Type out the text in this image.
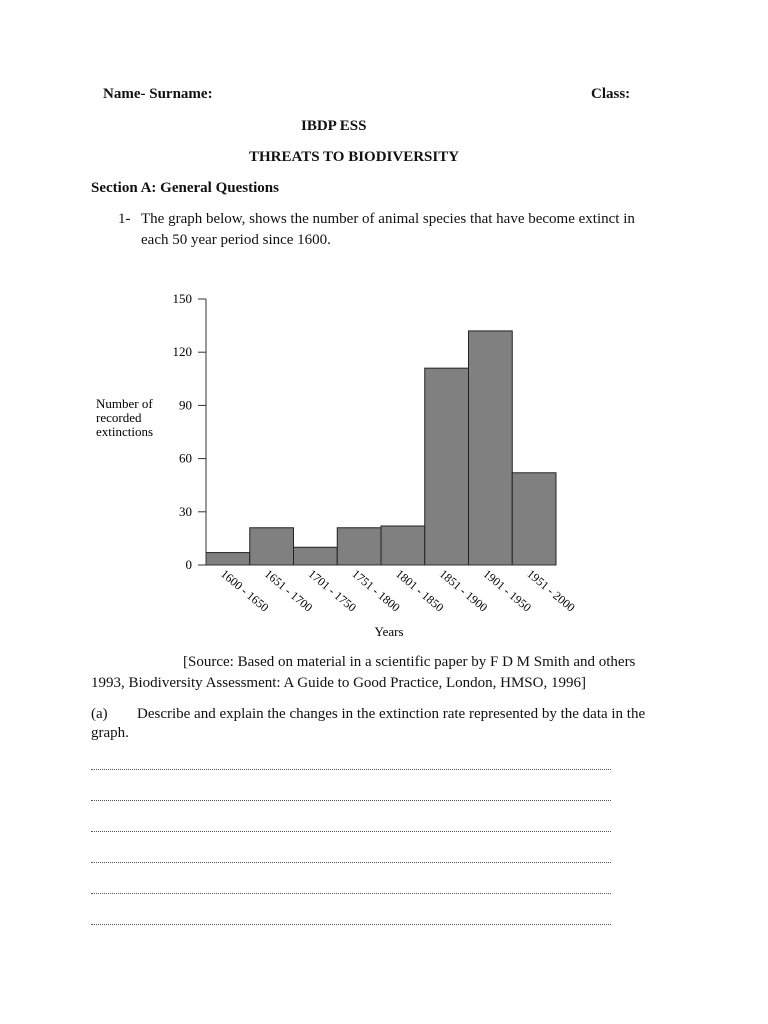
Name- Surname:	Class:
IBDP ESS
THREATS TO BIODIVERSITY
Section A: General Questions
1- The graph below, shows the number of animal species that have become extinct in
each 50 year period since 1600.
0
30
60
90
120
150
1600 - 1650
1651 - 1700
1701 - 1750
1751 - 1800
1801 - 1850
1851 - 1900
1901 - 1950
1951 - 2000
Number of
recorded
extinctions
Years
[Source: Based on material in a scientific paper by F D M Smith and others
1993, Biodiversity Assessment: A Guide to Good Practice, London, HMSO, 1996]
(a) Describe and explain the changes in the extinction rate represented by the data in the
graph.
